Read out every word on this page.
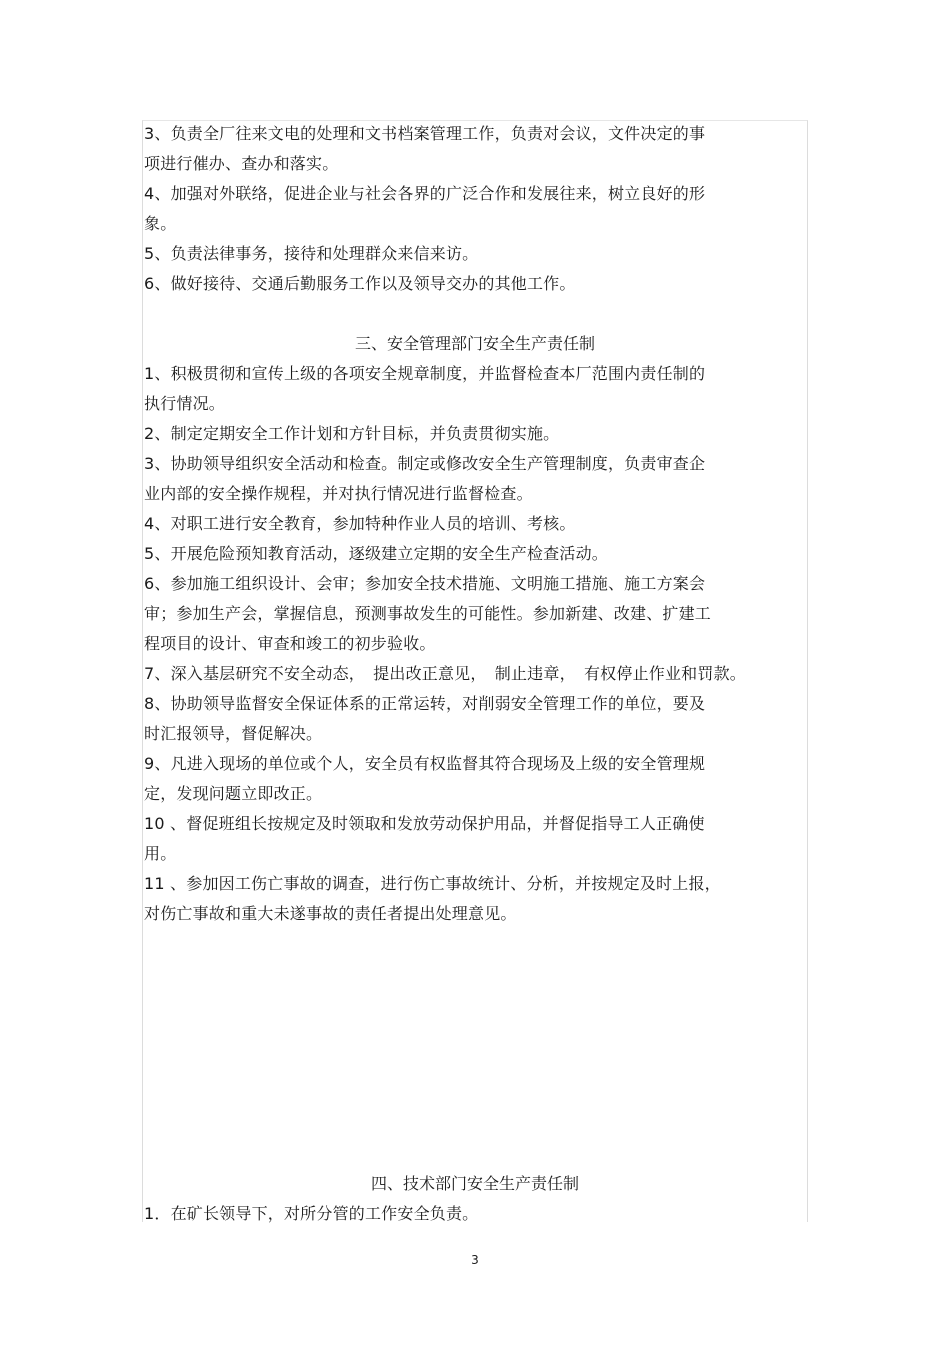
3、负责全厂往来文电的处理和文书档案管理工作，负责对会议，文件决定的事
项进行催办、查办和落实。
4、加强对外联络，促进企业与社会各界的广泛合作和发展往来，树立良好的形
象。
5、负责法律事务，接待和处理群众来信来访。
6、做好接待、交通后勤服务工作以及领导交办的其他工作。
三、安全管理部门安全生产责任制
1、积极贯彻和宣传上级的各项安全规章制度，并监督检查本厂范围内责任制的
执行情况。
2、制定定期安全工作计划和方针目标，并负责贯彻实施。
3、协助领导组织安全活动和检查。制定或修改安全生产管理制度，负责审查企
业内部的安全操作规程，并对执行情况进行监督检查。
4、对职工进行安全教育，参加特种作业人员的培训、考核。
5、开展危险预知教育活动，逐级建立定期的安全生产检查活动。
6、参加施工组织设计、会审；参加安全技术措施、文明施工措施、施工方案会
审；参加生产会，掌握信息，预测事故发生的可能性。参加新建、改建、扩建工
程项目的设计、审查和竣工的初步验收。
7、深入基层研究不安全动态，　提出改正意见，　制止违章，　有权停止作业和罚款。
8、协助领导监督安全保证体系的正常运转，对削弱安全管理工作的单位，要及
时汇报领导，督促解决。
9、凡进入现场的单位或个人，安全员有权监督其符合现场及上级的安全管理规
定，发现问题立即改正。
10 、督促班组长按规定及时领取和发放劳动保护用品，并督促指导工人正确使
用。
11 、参加因工伤亡事故的调查，进行伤亡事故统计、分析，并按规定及时上报，
对伤亡事故和重大未遂事故的责任者提出处理意见。
四、技术部门安全生产责任制
1．在矿长领导下，对所分管的工作安全负责。
3
